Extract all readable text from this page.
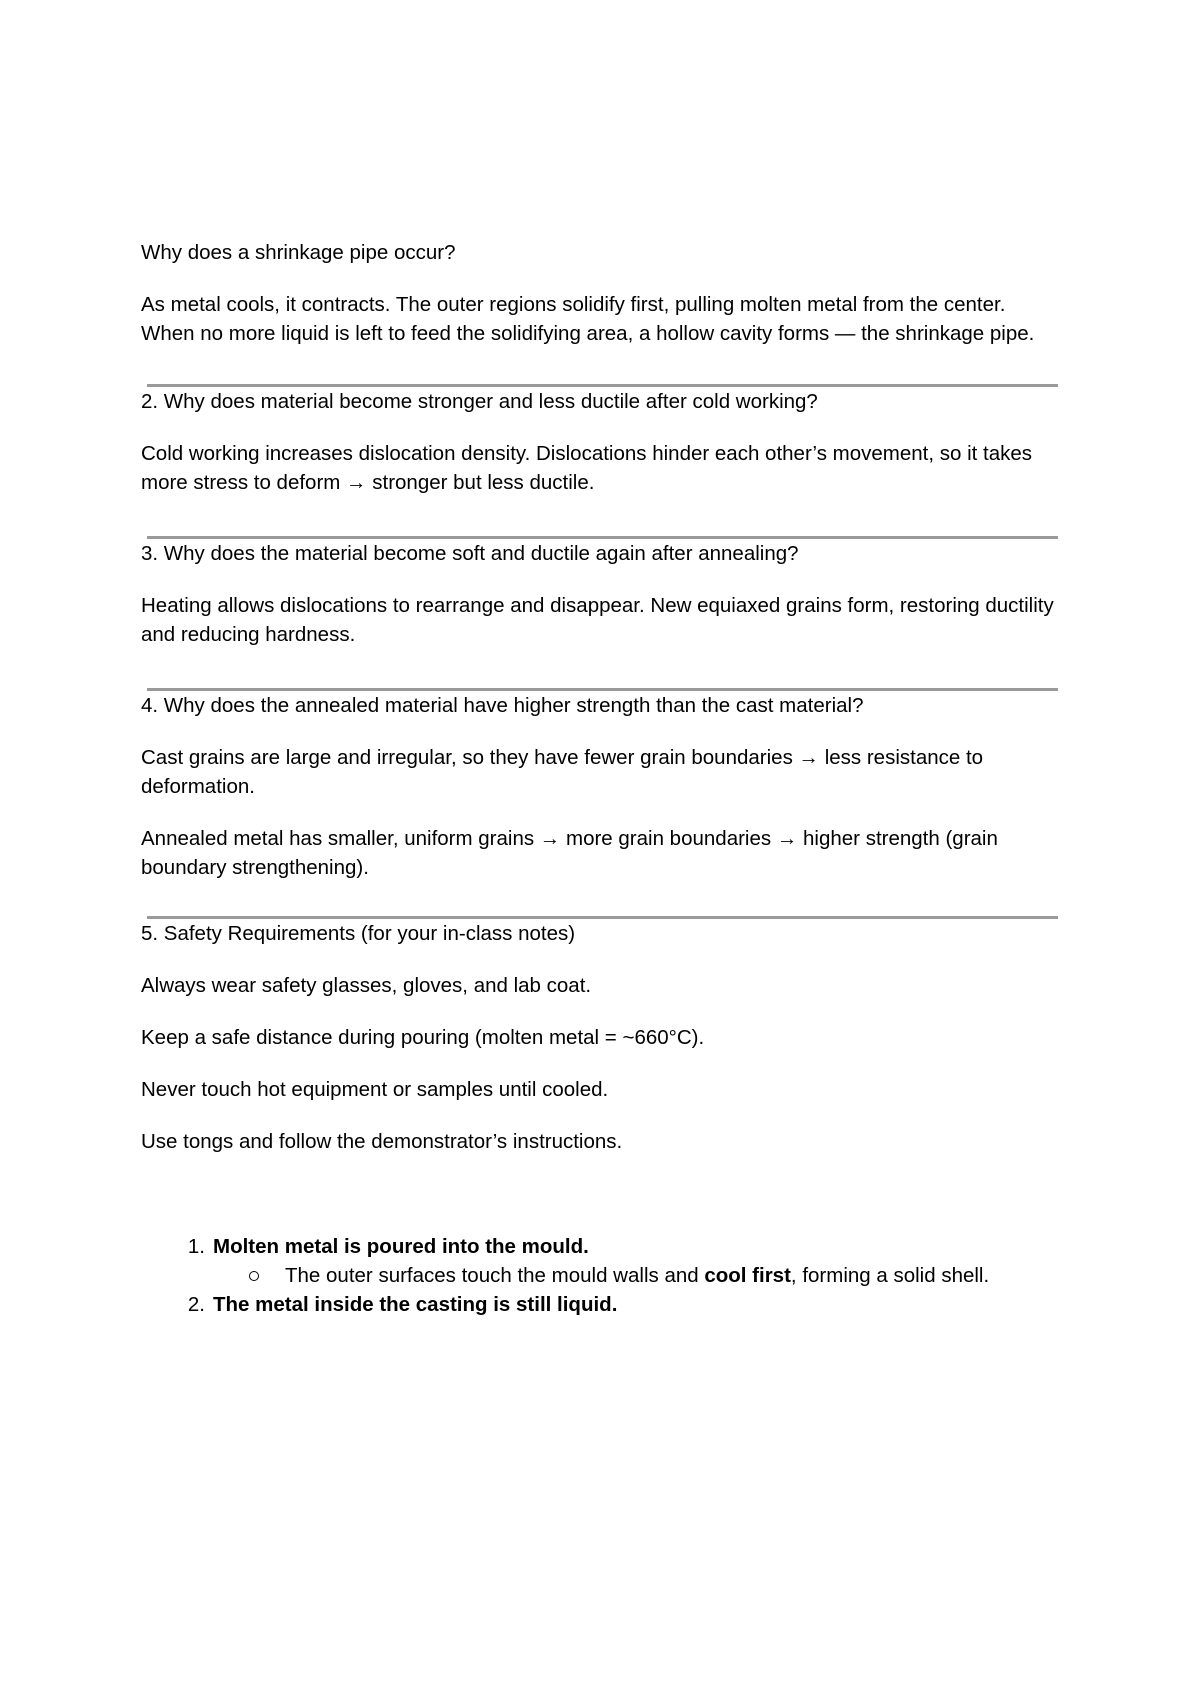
Why does a shrinkage pipe occur?

As metal cools, it contracts. The outer regions solidify first, pulling molten metal from the center. When no more liquid is left to feed the solidifying area, a hollow cavity forms — the shrinkage pipe.

2. Why does material become stronger and less ductile after cold working?

Cold working increases dislocation density. Dislocations hinder each other’s movement, so it takes more stress to deform → stronger but less ductile.

3. Why does the material become soft and ductile again after annealing?

Heating allows dislocations to rearrange and disappear. New equiaxed grains form, restoring ductility and reducing hardness.

4. Why does the annealed material have higher strength than the cast material?

Cast grains are large and irregular, so they have fewer grain boundaries → less resistance to deformation.

Annealed metal has smaller, uniform grains → more grain boundaries → higher strength (grain boundary strengthening).

5. Safety Requirements (for your in-class notes)

Always wear safety glasses, gloves, and lab coat.

Keep a safe distance during pouring (molten metal = ~660°C).

Never touch hot equipment or samples until cooled.

Use tongs and follow the demonstrator’s instructions.

1. Molten metal is poured into the mould.
The outer surfaces touch the mould walls and cool first, forming a solid shell.
2. The metal inside the casting is still liquid.
